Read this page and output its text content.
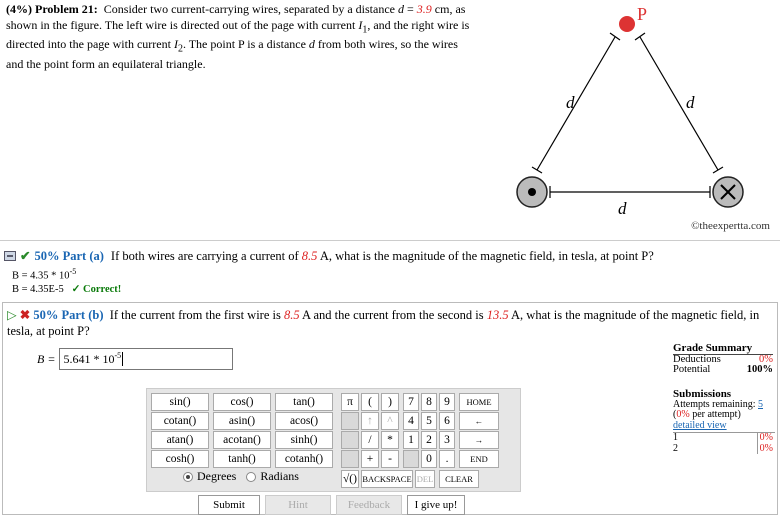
(4%) Problem 21: Consider two current-carrying wires, separated by a distance d = 3.9 cm, as shown in the figure. The left wire is directed out of the page with current $I_1$, and the right wire is directed into the page with current $I_2$. The point P is a distance d from both wires, so the wires and the point form an equilateral triangle.
P
d	d
d
©theexpertta.com
✔ 50% Part (a) If both wires are carrying a current of 8.5 A, what is the magnitude of the magnetic field, in tesla, at point P?
$B = 4.35 * 10^{-5}$
B = 4.35E-5 ✓ Correct!
▷ ✖ 50% Part (b) If the current from the first wire is 8.5 A and the current from the second is 13.5 A, what is the magnitude of the magnetic field, in tesla, at point P?
$B = 5.641 * 10^{-5}$
Grade Summary
Deductions	0%
Potential	100%
Submissions
Attempts remaining: 5
(0% per attempt)
detailed view
1	0%
2	0%
sin()	cos()	tan()
cotan()	asin()	acos()
atan()	acotan()	sinh()
cosh()	tanh()	cotanh()
π	(	)
↑	^
/	*
+	-
7	8	9	HOME
4	5	6	←
1	2	3	→
0	.	END
√() BACKSPACE DEL	CLEAR
Degrees Radians
Submit	Hint	Feedback	I give up!
